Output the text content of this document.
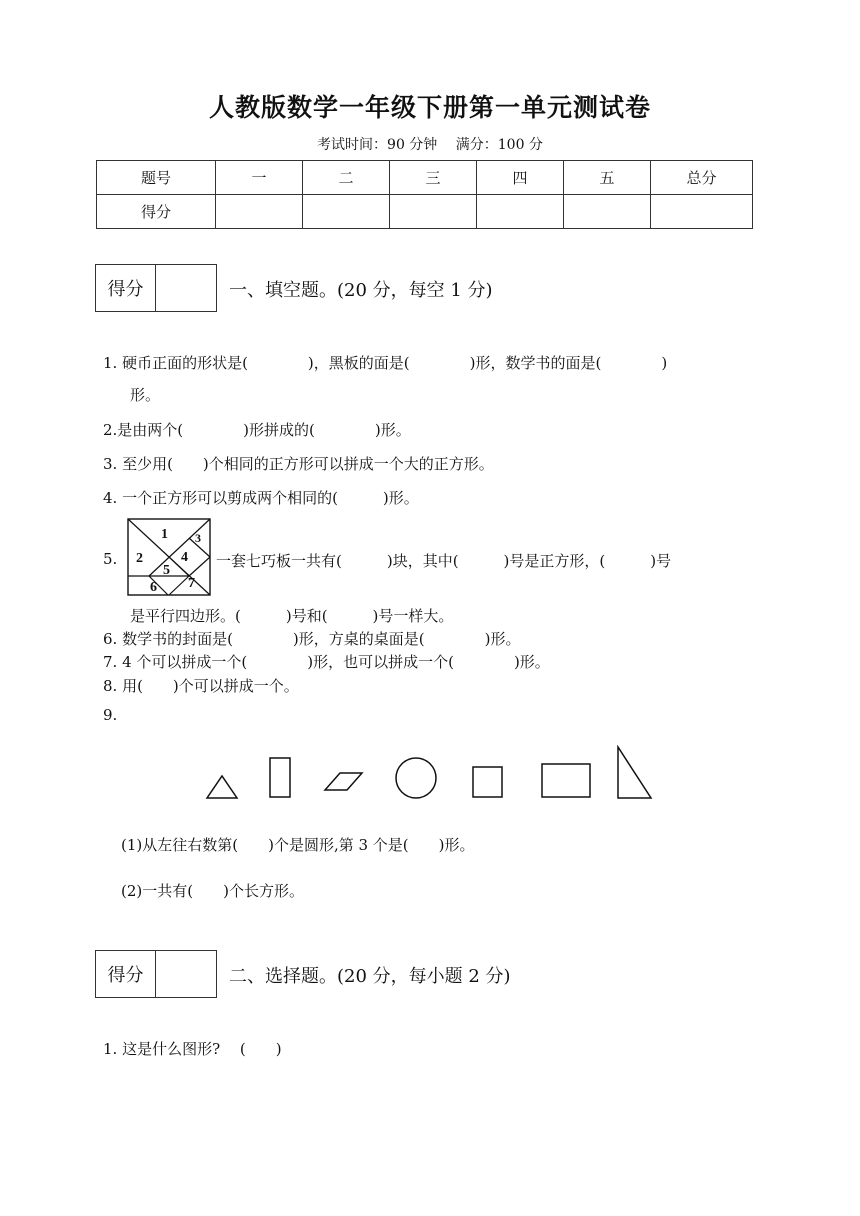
人教版数学一年级下册第一单元测试卷
考试时间：90 分钟　 满分：100 分
题号	一	二	三	四	五	总分
得分						
得分	一、填空题。(20 分，每空 1 分)
1. 硬币正面的形状是(　　　　)，黑板的面是(　　　　)形，数学书的面是(　　　　)
形。
2.是由两个(　　　　)形拼成的(　　　　)形。
3. 至少用(　　)个相同的正方形可以拼成一个大的正方形。
4. 一个正方形可以剪成两个相同的(　　　)形。
5.
1
2
3
4
5
6 7
一套七巧板一共有(　　　)块，其中(　　　)号是正方形，(　　　)号
是平行四边形。(　　　)号和(　　　)号一样大。
6. 数学书的封面是(　　　　)形，方桌的桌面是(　　　　)形。
7. 4 个可以拼成一个(　　　　)形，也可以拼成一个(　　　　)形。
8. 用(　　)个可以拼成一个。
9.
(1)从左往右数第(　　)个是圆形,第 3 个是(　　)形。
(2)一共有(　　)个长方形。
得分	二、选择题。(20 分，每小题 2 分)
1. 这是什么图形?　 (　　)
